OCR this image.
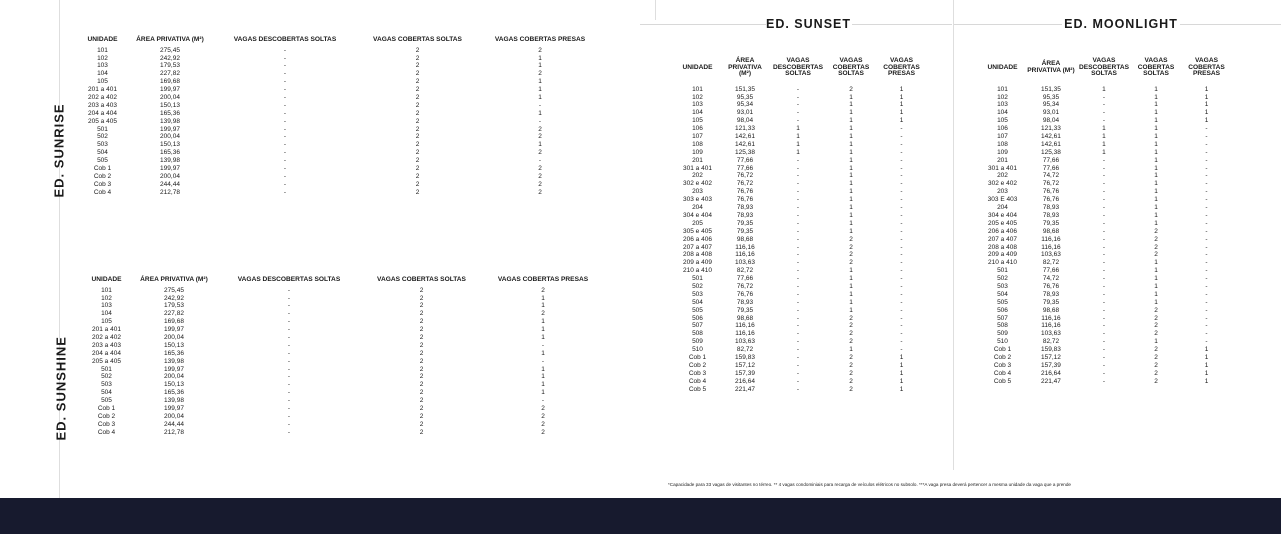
ED. SUNRISE
ED. SUNSHINE
UNIDADE	ÁREA PRIVATIVA (M²)	VAGAS DESCOBERTAS SOLTAS	VAGAS COBERTAS SOLTAS	VAGAS COBERTAS PRESAS
101	275,45	-	2	2
102	242,92	-	2	1
103	179,53	-	2	1
104	227,82	-	2	2
105	169,68	-	2	1
201 a 401	199,97	-	2	1
202 a 402	200,04	-	2	1
203 a 403	150,13	-	2	-
204 a 404	165,36	-	2	1
205 a 405	139,98	-	2	-
501	199,97	-	2	2
502	200,04	-	2	2
503	150,13	-	2	1
504	165,36	-	2	2
505	139,98	-	2	-
Cob 1	199,97	-	2	2
Cob 2	200,04	-	2	2
Cob 3	244,44	-	2	2
Cob 4	212,78	-	2	2
UNIDADE	ÁREA PRIVATIVA (M²)	VAGAS DESCOBERTAS SOLTAS	VAGAS COBERTAS SOLTAS	VAGAS COBERTAS PRESAS
101	275,45	-	2	2
102	242,92	-	2	1
103	179,53	-	2	1
104	227,82	-	2	2
105	169,68	-	2	1
201 a 401	199,97	-	2	1
202 a 402	200,04	-	2	1
203 a 403	150,13	-	2	-
204 a 404	165,36	-	2	1
205 a 405	139,98	-	2	-
501	199,97	-	2	1
502	200,04	-	2	1
503	150,13	-	2	1
504	165,36	-	2	1
505	139,98	-	2	-
Cob 1	199,97	-	2	2
Cob 2	200,04	-	2	2
Cob 3	244,44	-	2	2
Cob 4	212,78	-	2	2
ED. SUNSET	ED. MOONLIGHT
UNIDADE	ÁREA PRIVATIVA (M²)	VAGAS DESCOBERTAS SOLTAS	VAGAS COBERTAS SOLTAS	VAGAS COBERTAS PRESAS
101	151,35	-	2	1
102	95,35	-	1	1
103	95,34	-	1	1
104	93,01	-	1	1
105	98,04	-	1	1
106	121,33	1	1	-
107	142,61	1	1	-
108	142,61	1	1	-
109	125,38	1	1	-
201	77,66	-	1	-
301 a 401	77,66	-	1	-
202	76,72	-	1	-
302 e 402	76,72	-	1	-
203	76,76	-	1	-
303 e 403	76,76	-	1	-
204	78,93	-	1	-
304 e 404	78,93	-	1	-
205	79,35	-	1	-
305 e 405	79,35	-	1	-
206 a 406	98,68	-	2	-
207 a 407	116,16	-	2	-
208 a 408	116,16	-	2	-
209 a 409	103,63	-	2	-
210 a 410	82,72	-	1	-
501	77,66	-	1	-
502	76,72	-	1	-
503	76,76	-	1	-
504	78,93	-	1	-
505	79,35	-	1	-
506	98,68	-	2	-
507	116,16	-	2	-
508	116,16	-	2	-
509	103,63	-	2	-
510	82,72	-	1	-
Cob 1	159,83	-	2	1
Cob 2	157,12	-	2	1
Cob 3	157,39	-	2	1
Cob 4	216,64	-	2	1
Cob 5	221,47	-	2	1
UNIDADE	ÁREA PRIVATIVA (M²)	VAGAS DESCOBERTAS SOLTAS	VAGAS COBERTAS SOLTAS	VAGAS COBERTAS PRESAS
101	151,35	1	1	1
102	95,35	-	1	1
103	95,34	-	1	1
104	93,01	-	1	1
105	98,04	-	1	1
106	121,33	1	1	-
107	142,61	1	1	-
108	142,61	1	1	-
109	125,38	1	1	-
201	77,66	-	1	-
301 a 401	77,66	-	1	-
202	74,72	-	1	-
302 e 402	76,72	-	1	-
203	76,76	-	1	-
303 E 403	76,76	-	1	-
204	78,93	-	1	-
304 e 404	78,93	-	1	-
205 e 405	79,35	-	1	-
206 a 406	98,68	-	2	-
207 a 407	116,16	-	2	-
208 a 408	116,16	-	2	-
209 a 409	103,63	-	2	-
210 a 410	82,72	-	1	-
501	77,66	-	1	-
502	74,72	-	1	-
503	76,76	-	1	-
504	78,93	-	1	-
505	79,35	-	1	-
506	98,68	-	2	-
507	116,16	-	2	-
508	116,16	-	2	-
509	103,63	-	2	-
510	82,72	-	1	-
Cob 1	159,83	-	2	1
Cob 2	157,12	-	2	1
Cob 3	157,39	-	2	1
Cob 4	216,64	-	2	1
Cob 5	221,47	-	2	1
*Capacidade para 33 vagas de visitantes no térreo. ** 4 vagas condominiais para recarga de veículos elétricos no subsolo. ***A vaga presa deverá pertencer a mesma unidade da vaga que a prende
